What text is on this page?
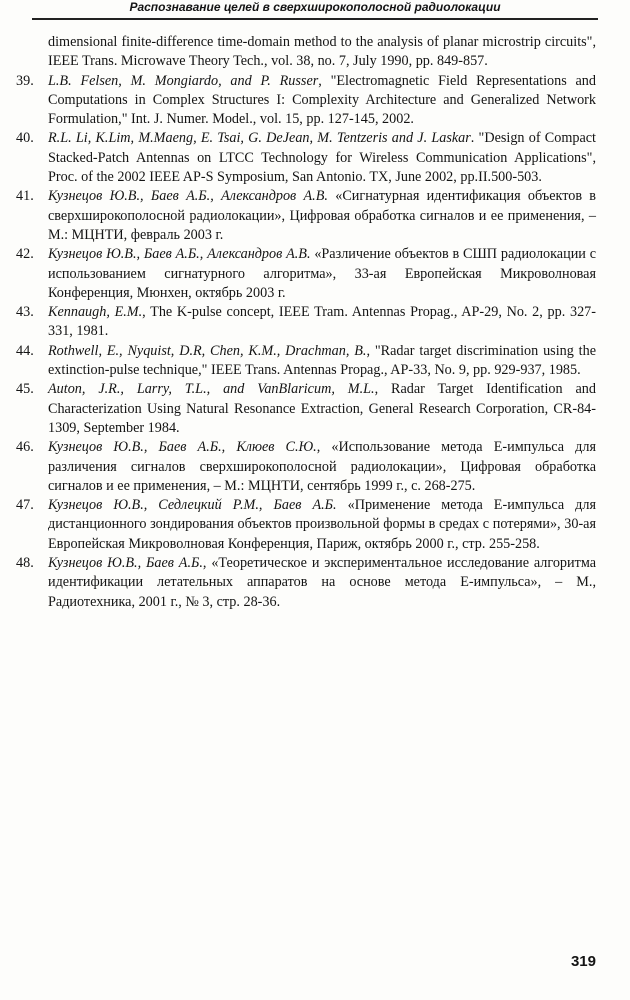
Распознавание целей в сверхширокополосной радиолокации

dimensional finite-difference time-domain method to the analysis of planar microstrip circuits", IEEE Trans. Microwave Theory Tech., vol. 38, no. 7, July 1990, pp. 849-857.

39. L.B. Felsen, M. Mongiardo, and P. Russer, "Electromagnetic Field Representations and Computations in Complex Structures I: Complexity Architecture and Generalized Network Formulation," Int. J. Numer. Model., vol. 15, pp. 127-145, 2002.

40. R.L. Li, K.Lim, M.Maeng, E. Tsai, G. DeJean, M. Tentzeris and J. Laskar. "Design of Compact Stacked-Patch Antennas on LTCC Technology for Wireless Communication Applications", Proc. of the 2002 IEEE AP-S Symposium, San Antonio. TX, June 2002, pp.II.500-503.

41. Кузнецов Ю.В., Баев А.Б., Александров А.В. «Сигнатурная идентификация объектов в сверхширокополосной радиолокации», Цифровая обработка сигналов и ее применения, – М.: МЦНТИ, февраль 2003 г.

42. Кузнецов Ю.В., Баев А.Б., Александров А.В. «Различение объектов в СШП радиолокации с использованием сигнатурного алгоритма», 33-ая Европейская Микроволновая Конференция, Мюнхен, октябрь 2003 г.

43. Kennaugh, E.M., The K-pulse concept, IEEE Tram. Antennas Propag., AP-29, No. 2, pp. 327-331, 1981.

44. Rothwell, E., Nyquist, D.R, Chen, K.M., Drachman, B., "Radar target discrimination using the extinction-pulse technique," IEEE Trans. Antennas Propag., AP-33, No. 9, pp. 929-937, 1985.

45. Auton, J.R., Larry, T.L., and VanBlaricum, M.L., Radar Target Identification and Characterization Using Natural Resonance Extraction, General Research Corporation, CR-84-1309, September 1984.

46. Кузнецов Ю.В., Баев А.Б., Клюев С.Ю., «Использование метода Е-импульса для различения сигналов сверхширокополосной радиолокации», Цифровая обработка сигналов и ее применения, – М.: МЦНТИ, сентябрь 1999 г., с. 268-275.

47. Кузнецов Ю.В., Седлецкий Р.М., Баев А.Б. «Применение метода Е-импульса для дистанционного зондирования объектов произвольной формы в средах с потерями», 30-ая Европейская Микроволновая Конференция, Париж, октябрь 2000 г., стр. 255-258.

48. Кузнецов Ю.В., Баев А.Б., «Теоретическое и экспериментальное исследование алгоритма идентификации летательных аппаратов на основе метода Е-импульса», – М., Радиотехника, 2001 г., № 3, стр. 28-36.

319
